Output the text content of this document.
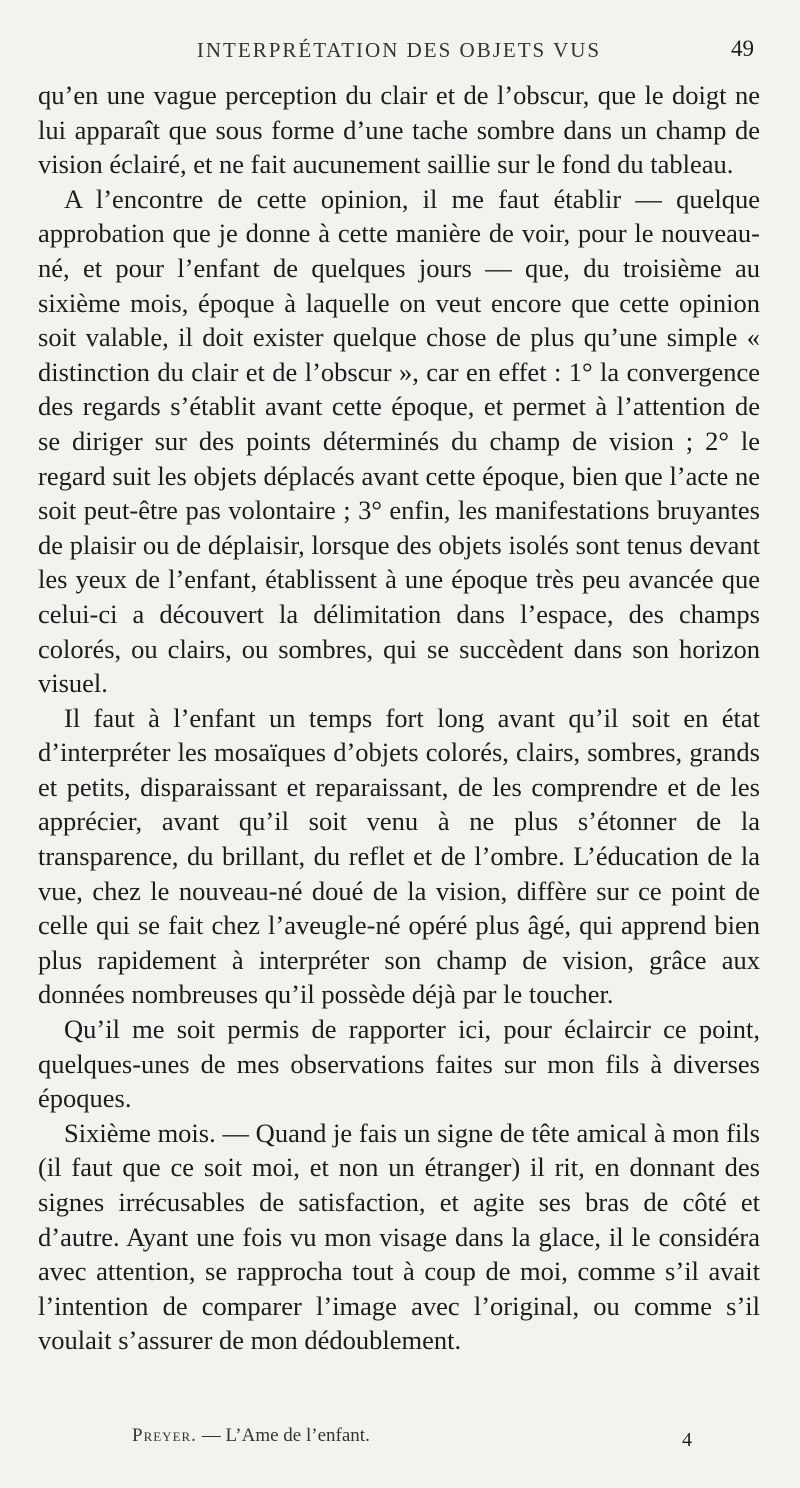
INTERPRÉTATION DES OBJETS VUS	49

qu’en une vague perception du clair et de l’obscur, que le doigt ne lui apparaît que sous forme d’une tache sombre dans un champ de vision éclairé, et ne fait aucunement saillie sur le fond du tableau.

A l’encontre de cette opinion, il me faut établir — quelque approbation que je donne à cette manière de voir, pour le nouveau-né, et pour l’enfant de quelques jours — que, du troisième au sixième mois, époque à laquelle on veut encore que cette opinion soit valable, il doit exister quelque chose de plus qu’une simple « distinction du clair et de l’obscur », car en effet : 1° la convergence des regards s’établit avant cette époque, et permet à l’attention de se diriger sur des points déterminés du champ de vision ; 2° le regard suit les objets déplacés avant cette époque, bien que l’acte ne soit peut-être pas volontaire ; 3° enfin, les manifestations bruyantes de plaisir ou de déplaisir, lorsque des objets isolés sont tenus devant les yeux de l’enfant, établissent à une époque très peu avancée que celui-ci a découvert la délimitation dans l’espace, des champs colorés, ou clairs, ou sombres, qui se succèdent dans son horizon visuel.

Il faut à l’enfant un temps fort long avant qu’il soit en état d’interpréter les mosaïques d’objets colorés, clairs, sombres, grands et petits, disparaissant et reparaissant, de les comprendre et de les apprécier, avant qu’il soit venu à ne plus s’étonner de la transparence, du brillant, du reflet et de l’ombre. L’éducation de la vue, chez le nouveau-né doué de la vision, diffère sur ce point de celle qui se fait chez l’aveugle-né opéré plus âgé, qui apprend bien plus rapidement à interpréter son champ de vision, grâce aux données nombreuses qu’il possède déjà par le toucher.

Qu’il me soit permis de rapporter ici, pour éclaircir ce point, quelques-unes de mes observations faites sur mon fils à diverses époques.

Sixième mois. — Quand je fais un signe de tête amical à mon fils (il faut que ce soit moi, et non un étranger) il rit, en donnant des signes irrécusables de satisfaction, et agite ses bras de côté et d’autre. Ayant une fois vu mon visage dans la glace, il le considéra avec attention, se rapprocha tout à coup de moi, comme s’il avait l’intention de comparer l’image avec l’original, ou comme s’il voulait s’assurer de mon dédoublement.

Preyer. — L’Ame de l’enfant.	4
